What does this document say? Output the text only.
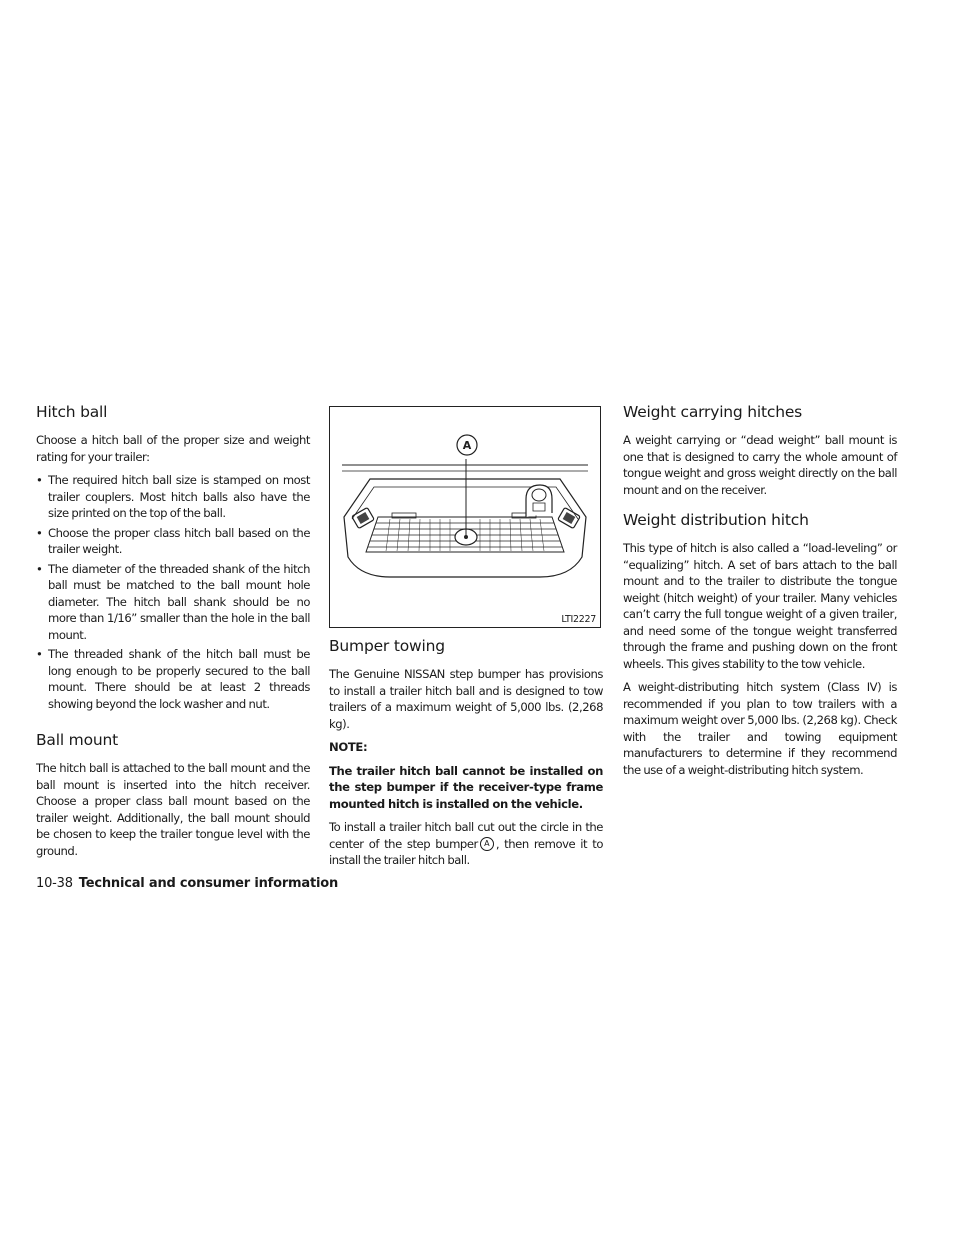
Hitch ball

Choose a hitch ball of the proper size and weight rating for your trailer:

• The required hitch ball size is stamped on most trailer couplers. Most hitch balls also have the size printed on the top of the ball.
• Choose the proper class hitch ball based on the trailer weight.
• The diameter of the threaded shank of the hitch ball must be matched to the ball mount hole diameter. The hitch ball shank should be no more than 1/16” smaller than the hole in the ball mount.
• The threaded shank of the hitch ball must be long enough to be properly secured to the ball mount. There should be at least 2 threads showing beyond the lock washer and nut.
Ball mount

The hitch ball is attached to the ball mount and the ball mount is inserted into the hitch receiver. Choose a proper class ball mount based on the trailer weight. Additionally, the ball mount should be chosen to keep the trailer tongue level with the ground.

A
LTI2227
Bumper towing

The Genuine NISSAN step bumper has provisions to install a trailer hitch ball and is designed to tow trailers of a maximum weight of 5,000 lbs. (2,268 kg).

NOTE:

The trailer hitch ball cannot be installed on the step bumper if the receiver-type frame mounted hitch is installed on the vehicle.

To install a trailer hitch ball cut out the circle in the center of the step bumper A , then remove it to install the trailer hitch ball.

Weight carrying hitches

A weight carrying or “dead weight” ball mount is one that is designed to carry the whole amount of tongue weight and gross weight directly on the ball mount and on the receiver.

Weight distribution hitch

This type of hitch is also called a “load-leveling” or “equalizing” hitch. A set of bars attach to the ball mount and to the trailer to distribute the tongue weight (hitch weight) of your trailer. Many vehicles can’t carry the full tongue weight of a given trailer, and need some of the tongue weight transferred through the frame and pushing down on the front wheels. This gives stability to the tow vehicle.

A weight-distributing hitch system (Class IV) is recommended if you plan to tow trailers with a maximum weight over 5,000 lbs. (2,268 kg). Check with the trailer and towing equipment manufacturers to determine if they recommend the use of a weight-distributing hitch system.

10-38 Technical and consumer information
